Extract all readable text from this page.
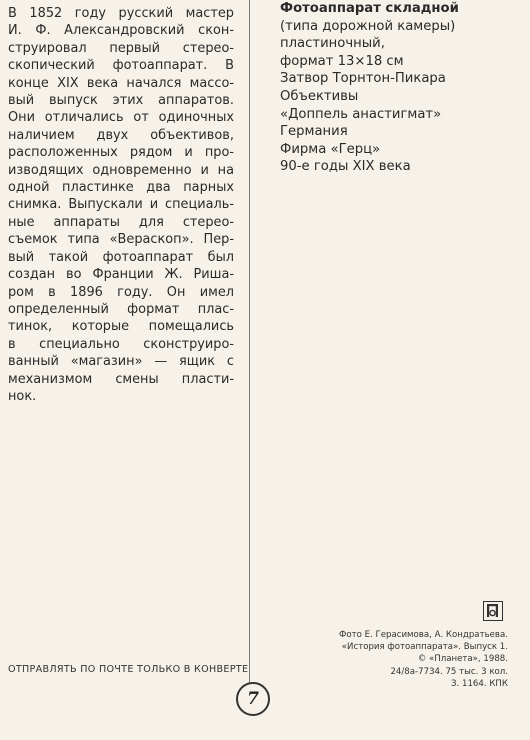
В 1852 году русский мастер
И. Ф. Александровский скон-
струировал первый стерео-
скопический фотоаппарат. В
конце XIX века начался массо-
вый выпуск этих аппаратов.
Они отличались от одиночных
наличием двух объективов,
расположенных рядом и про-
изводящих одновременно и на
одной пластинке два парных
снимка. Выпускали и специаль-
ные аппараты для стерео-
съемок типа «Вераскоп». Пер-
вый такой фотоаппарат был
создан во Франции Ж. Ришa-
ром в 1896 году. Он имел
определенный формат плас-
тинок, которые помещались
в специально сконструиро-
ванный «магазин» — ящик с
механизмом смены пласти-
нок.
Фотоаппарат складной
(типа дорожной камеры)
пластиночный,
формат 13×18 см
Затвор Торнтон-Пикара
Объективы
«Доппель анастигмат»
Германия
Фирма «Герц»
90-е годы XIX века
Фото Е. Герасимова, А. Кондратьева.
«История фотоаппарата». Выпуск 1.
© «Планета», 1988.
24/8а-7734. 75 тыс. 3 кол.
З. 1164. КПК
ОТПРАВЛЯТЬ ПО ПОЧТЕ ТОЛЬКО В КОНВЕРТЕ
7
